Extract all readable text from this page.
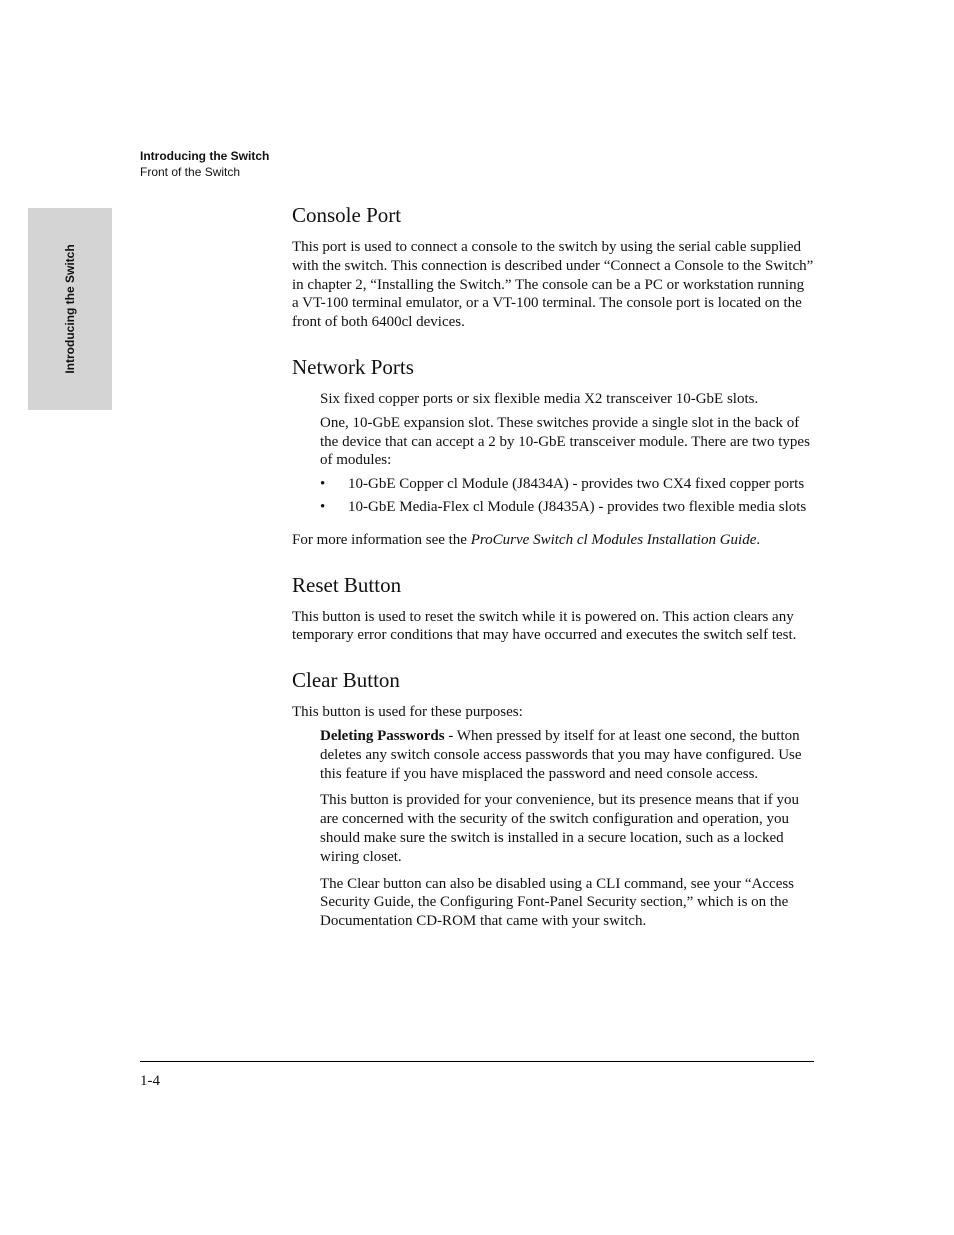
Introducing the Switch
Front of the Switch
Introducing the Switch
Console Port

This port is used to connect a console to the switch by using the serial cable supplied with the switch. This connection is described under “Connect a Console to the Switch” in chapter 2, “Installing the Switch.” The console can be a PC or workstation running a VT-100 terminal emulator, or a VT-100 terminal. The console port is located on the front of both 6400cl devices.

Network Ports

Six fixed copper ports or six flexible media X2 transceiver 10-GbE slots.

One, 10-GbE expansion slot. These switches provide a single slot in the back of the device that can accept a 2 by 10-GbE transceiver module. There are two types of modules:

• 10-GbE Copper cl Module (J8434A) - provides two CX4 fixed copper ports
• 10-GbE Media-Flex cl Module (J8435A) - provides two flexible media slots

For more information see the ProCurve Switch cl Modules Installation Guide.

Reset Button

This button is used to reset the switch while it is powered on. This action clears any temporary error conditions that may have occurred and executes the switch self test.

Clear Button

This button is used for these purposes:

Deleting Passwords - When pressed by itself for at least one second, the button deletes any switch console access passwords that you may have configured. Use this feature if you have misplaced the password and need console access.

This button is provided for your convenience, but its presence means that if you are concerned with the security of the switch configuration and operation, you should make sure the switch is installed in a secure location, such as a locked wiring closet.

The Clear button can also be disabled using a CLI command, see your “Access Security Guide, the Configuring Font-Panel Security section,” which is on the Documentation CD-ROM that came with your switch.

1-4
